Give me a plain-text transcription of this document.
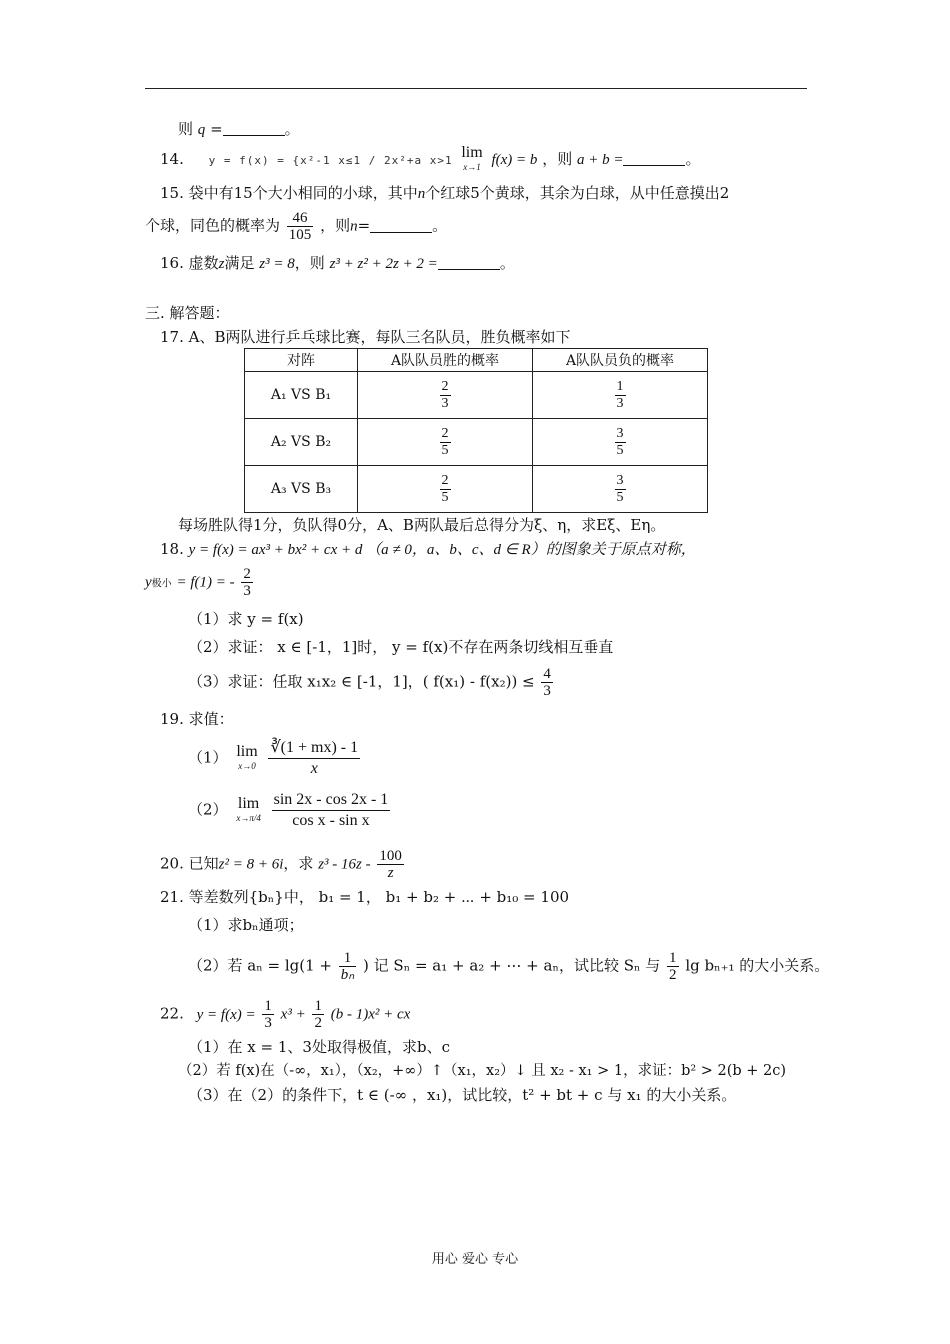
则 q =	。
14. y = f(x) = {x²-1 x≤1 / 2x²+a x>1 lim
x→1 f(x) = b ，则 a + b =	。
15. 袋中有15个大小相同的小球，其中n个红球5个黄球，其余为白球，从中任意摸出2
个球，同色的概率为 $\frac{46}{105}$ ，则n=	。
16. 虚数z满足 z³ = 8，则 z³ + z² + 2z + 2 =	。
三. 解答题：
17. A、B两队进行乒乓球比赛，每队三名队员，胜负概率如下
对阵	A队队员胜的概率	A队队员负的概率
A₁ VS B₁	$\frac{2}{3}$	$\frac{1}{3}$

A₂ VS B₂	$\frac{2}{5}$	$\frac{3}{5}$

A₃ VS B₃	$\frac{2}{5}$	$\frac{3}{5}$
每场胜队得1分，负队得0分，A、B两队最后总得分为ξ、η，求Eξ、Eη。
18. y = f(x) = ax³ + bx² + cx + d （a ≠ 0，a、b、c、d ∈ R）的图象关于原点对称，
y极小 = f(1) = - $\frac{2}{3}$
（1）求 y = f(x)
（2）求证： x ∈ [-1，1]时， y = f(x)不存在两条切线相互垂直
（3）求证：任取 x₁x₂ ∈ [-1，1]，( $f(x_1) - f(x_2)) \le \frac{4}{3}$
19. 求值：
（1） lim
x→0
$\frac{∛(1 + mx) - 1}{x}$
（2） lim
x→π/4
$\frac{\sin 2x - \cos 2x - 1}{\text{cos x - sin x}}$
20. 已知z² = 8 + 6i，求 $z^3 - 16z - \frac{100}{z}$
21. 等差数列{bₙ}中， b₁ = 1， b₁ + b₂ + ⋯ + b₁₀ = 100
（1）求bₙ通项；
（2）若 $a_n = \lg(1 + \frac{1}{\text{bₙ}}$ ) 记 Sₙ = a₁ + a₂ + ⋯ + aₙ，试比较 Sₙ 与 $\frac{1}{2}$ lg bₙ₊₁ 的大小关系。
22. $y = f(x) = \frac{1}{3} x^3 + \frac{1}{2} (b - 1)x^2$ + cx
（1）在 x = 1、3处取得极值，求b、c
（2）若 f(x)在（-∞，x₁），（x₂，+∞）↑（x₁，x₂）↓ 且 x₂ - x₁ > 1，求证：b² > 2(b + 2c)
（3）在（2）的条件下，t ∈ (-∞ ，x₁)，试比较，t² + bt + c 与 x₁ 的大小关系。
用心 爱心 专心
